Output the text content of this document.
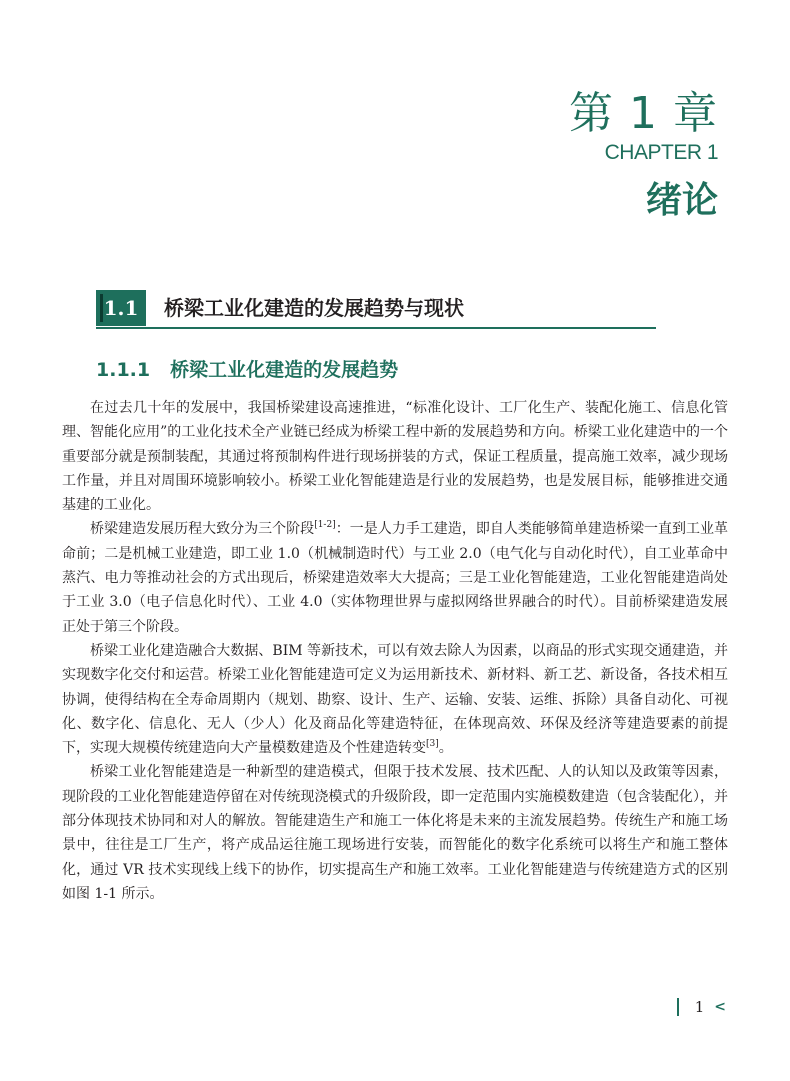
第 1 章
CHAPTER 1
绪论
1.1	桥梁工业化建造的发展趋势与现状
1.1.1 桥梁工业化建造的发展趋势

在过去几十年的发展中，我国桥梁建设高速推进，“标准化设计、工厂化生产、装配化施工、信息化管理、智能化应用”的工业化技术全产业链已经成为桥梁工程中新的发展趋势和方向。桥梁工业化建造中的一个重要部分就是预制装配，其通过将预制构件进行现场拼装的方式，保证工程质量，提高施工效率，减少现场工作量，并且对周围环境影响较小。桥梁工业化智能建造是行业的发展趋势，也是发展目标，能够推进交通基建的工业化。

桥梁建造发展历程大致分为三个阶段[1-2]：一是人力手工建造，即自人类能够简单建造桥梁一直到工业革命前；二是机械工业建造，即工业 1.0（机械制造时代）与工业 2.0（电气化与自动化时代），自工业革命中蒸汽、电力等推动社会的方式出现后，桥梁建造效率大大提高；三是工业化智能建造，工业化智能建造尚处于工业 3.0（电子信息化时代）、工业 4.0（实体物理世界与虚拟网络世界融合的时代）。目前桥梁建造发展正处于第三个阶段。

桥梁工业化建造融合大数据、BIM 等新技术，可以有效去除人为因素，以商品的形式实现交通建造，并实现数字化交付和运营。桥梁工业化智能建造可定义为运用新技术、新材料、新工艺、新设备，各技术相互协调，使得结构在全寿命周期内（规划、勘察、设计、生产、运输、安装、运维、拆除）具备自动化、可视化、数字化、信息化、无人（少人）化及商品化等建造特征，在体现高效、环保及经济等建造要素的前提下，实现大规模传统建造向大产量模数建造及个性建造转变[3]。

桥梁工业化智能建造是一种新型的建造模式，但限于技术发展、技术匹配、人的认知以及政策等因素，现阶段的工业化智能建造停留在对传统现浇模式的升级阶段，即一定范围内实施模数建造（包含装配化），并部分体现技术协同和对人的解放。智能建造生产和施工一体化将是未来的主流发展趋势。传统生产和施工场景中，往往是工厂生产，将产成品运往施工现场进行安装，而智能化的数字化系统可以将生产和施工整体化，通过 VR 技术实现线上线下的协作，切实提高生产和施工效率。工业化智能建造与传统建造方式的区别如图 1-1 所示。

1 <
